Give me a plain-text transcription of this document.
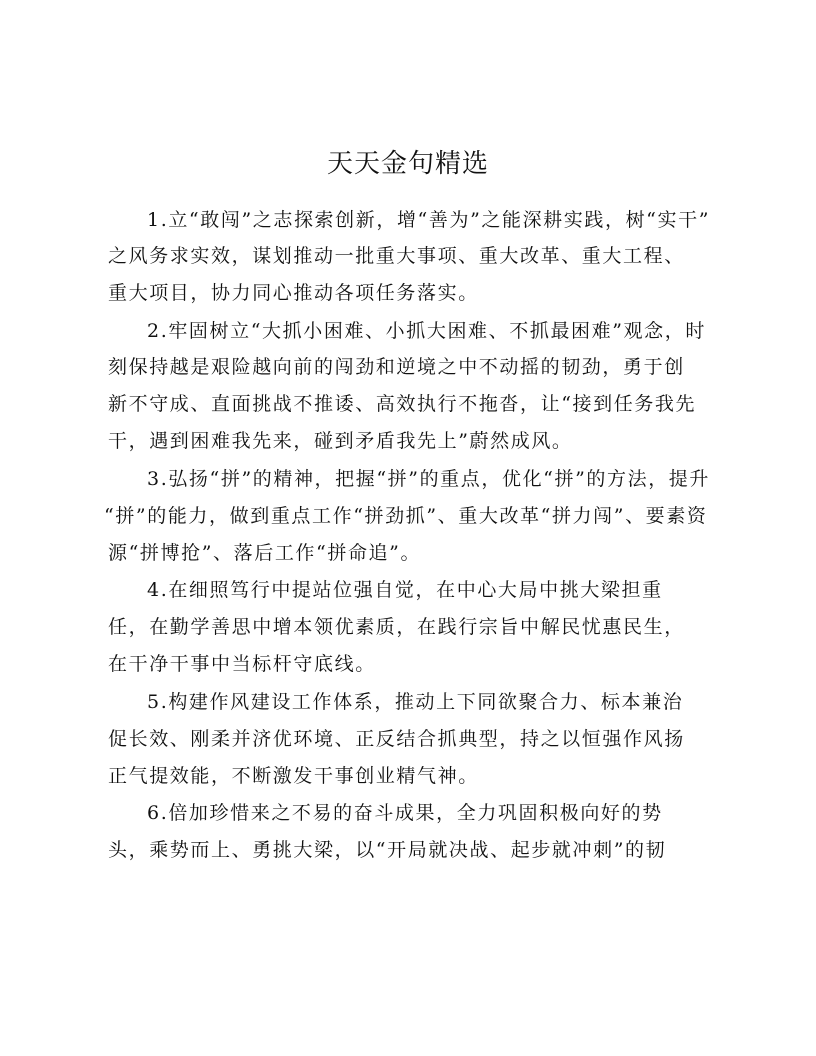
天天金句精选
1.立“敢闯”之志探索创新，增“善为”之能深耕实践，树“实干”
之风务求实效，谋划推动一批重大事项、重大改革、重大工程、
重大项目，协力同心推动各项任务落实。
2.牢固树立“大抓小困难、小抓大困难、不抓最困难”观念，时
刻保持越是艰险越向前的闯劲和逆境之中不动摇的韧劲，勇于创
新不守成、直面挑战不推诿、高效执行不拖沓，让“接到任务我先
干，遇到困难我先来，碰到矛盾我先上”蔚然成风。
3.弘扬“拼”的精神，把握“拼”的重点，优化“拼”的方法，提升
“拼”的能力，做到重点工作“拼劲抓”、重大改革“拼力闯”、要素资
源“拼博抢”、落后工作“拼命追”。
4.在细照笃行中提站位强自觉，在中心大局中挑大梁担重
任，在勤学善思中增本领优素质，在践行宗旨中解民忧惠民生，
在干净干事中当标杆守底线。
5.构建作风建设工作体系，推动上下同欲聚合力、标本兼治
促长效、刚柔并济优环境、正反结合抓典型，持之以恒强作风扬
正气提效能，不断激发干事创业精气神。
6.倍加珍惜来之不易的奋斗成果，全力巩固积极向好的势
头，乘势而上、勇挑大梁，以“开局就决战、起步就冲刺”的韧
